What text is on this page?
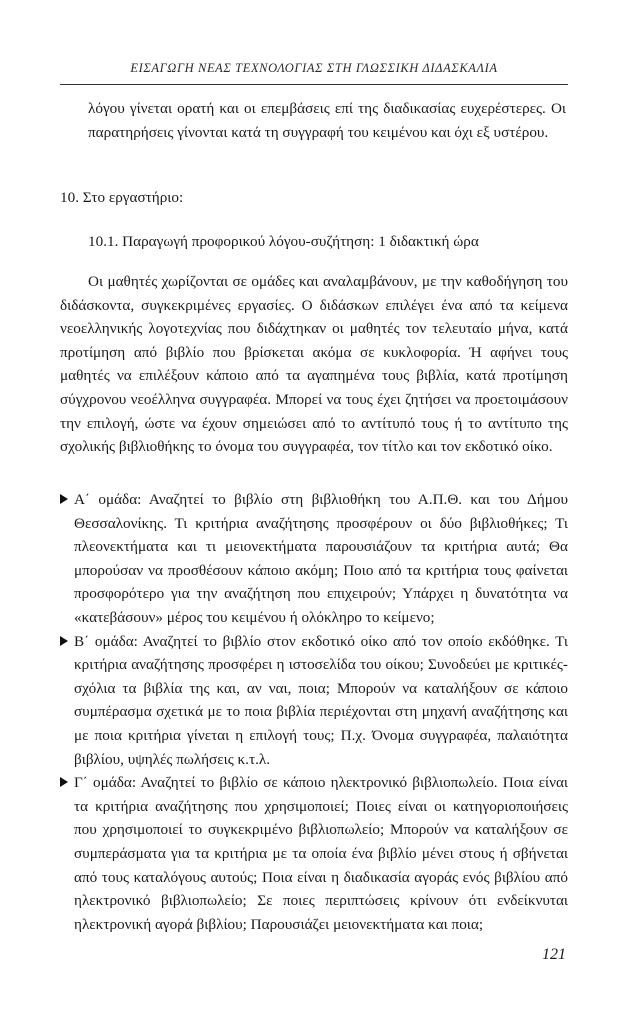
ΕΙΣΑΓΩΓΗ ΝΕΑΣ ΤΕΧΝΟΛΟΓΙΑΣ ΣΤΗ ΓΛΩΣΣΙΚΗ ΔΙΔΑΣΚΑΛΙΑ

λόγου γίνεται ορατή και οι επεμβάσεις επί της διαδικασίας ευχερέστερες. Οι παρατηρήσεις γίνονται κατά τη συγγραφή του κειμένου και όχι εξ υστέρου.

10. Στο εργαστήριο:
10.1. Παραγωγή προφορικού λόγου-συζήτηση: 1 διδακτική ώρα

Οι μαθητές χωρίζονται σε ομάδες και αναλαμβάνουν, με την καθοδήγηση του διδάσκοντα, συγκεκριμένες εργασίες. Ο διδάσκων επιλέγει ένα από τα κείμενα νεοελληνικής λογοτεχνίας που διδάχτηκαν οι μαθητές τον τελευταίο μήνα, κατά προτίμηση από βιβλίο που βρίσκεται ακόμα σε κυκλοφορία. Ή αφήνει τους μαθητές να επιλέξουν κάποιο από τα αγαπημένα τους βιβλία, κατά προτίμηση σύγχρονου νεοέλληνα συγγραφέα. Μπορεί να τους έχει ζητήσει να προετοιμάσουν την επιλογή, ώστε να έχουν σημειώσει από το αντίτυπό τους ή το αντίτυπο της σχολικής βιβλιοθήκης το όνομα του συγγραφέα, τον τίτλο και τον εκδοτικό οίκο.

Α΄ ομάδα: Αναζητεί το βιβλίο στη βιβλιοθήκη του Α.Π.Θ. και του Δήμου Θεσσαλονίκης. Τι κριτήρια αναζήτησης προσφέρουν οι δύο βιβλιοθήκες; Τι πλεονεκτήματα και τι μειονεκτήματα παρουσιάζουν τα κριτήρια αυτά; Θα μπορούσαν να προσθέσουν κάποιο ακόμη; Ποιο από τα κριτήρια τους φαίνεται προσφορότερο για την αναζήτηση που επιχειρούν; Υπάρχει η δυνατότητα να «κατεβάσουν» μέρος του κειμένου ή ολόκληρο το κείμενο;
Β΄ ομάδα: Αναζητεί το βιβλίο στον εκδοτικό οίκο από τον οποίο εκδόθηκε. Τι κριτήρια αναζήτησης προσφέρει η ιστοσελίδα του οίκου; Συνοδεύει με κριτικές-σχόλια τα βιβλία της και, αν ναι, ποια; Μπορούν να καταλήξουν σε κάποιο συμπέρασμα σχετικά με το ποια βιβλία περιέχονται στη μηχανή αναζήτησης και με ποια κριτήρια γίνεται η επιλογή τους; Π.χ. Όνομα συγγραφέα, παλαιότητα βιβλίου, υψηλές πωλήσεις κ.τ.λ.
Γ΄ ομάδα: Αναζητεί το βιβλίο σε κάποιο ηλεκτρονικό βιβλιοπωλείο. Ποια είναι τα κριτήρια αναζήτησης που χρησιμοποιεί; Ποιες είναι οι κατηγοριοποιήσεις που χρησιμοποιεί το συγκεκριμένο βιβλιοπωλείο; Μπορούν να καταλήξουν σε συμπεράσματα για τα κριτήρια με τα οποία ένα βιβλίο μένει στους ή σβήνεται από τους καταλόγους αυτούς; Ποια είναι η διαδικασία αγοράς ενός βιβλίου από ηλεκτρονικό βιβλιοπωλείο; Σε ποιες περιπτώσεις κρίνουν ότι ενδείκνυται ηλεκτρονική αγορά βιβλίου; Παρουσιάζει μειονεκτήματα και ποια;
121
